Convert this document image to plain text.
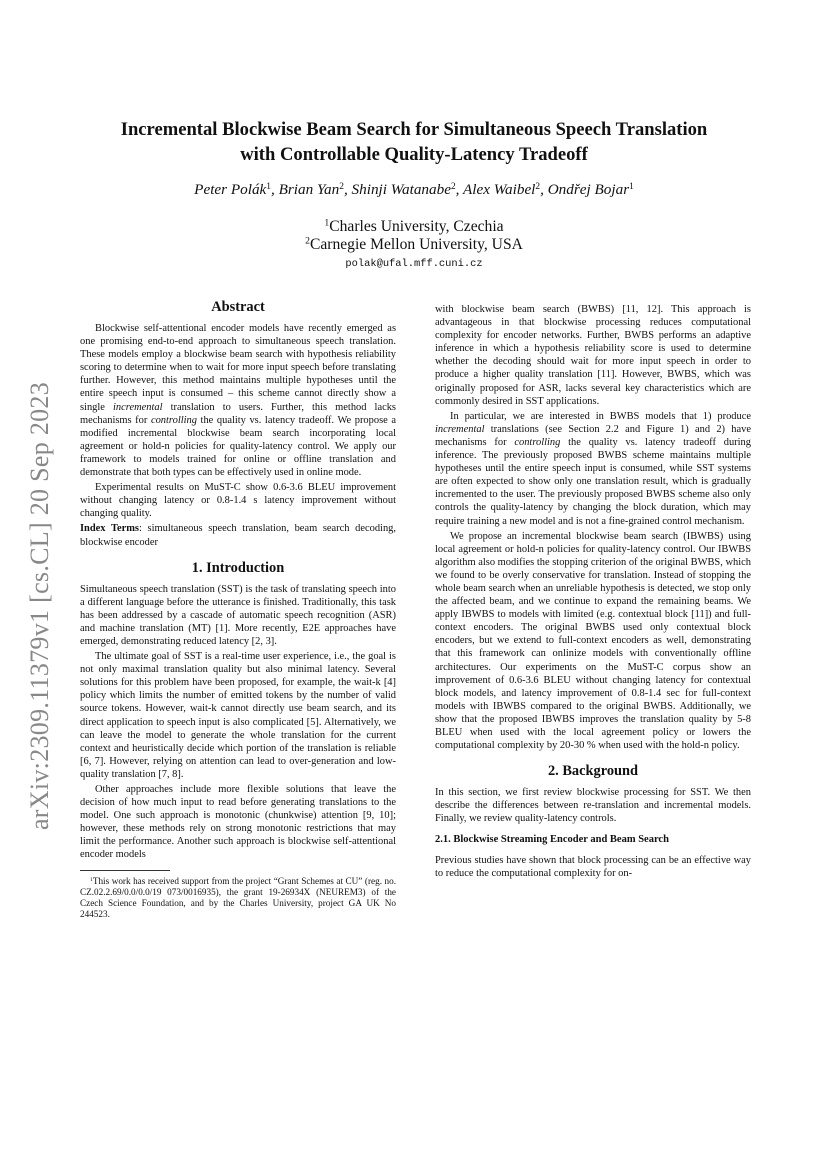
arXiv:2309.11379v1 [cs.CL] 20 Sep 2023
Incremental Blockwise Beam Search for Simultaneous Speech Translation
with Controllable Quality-Latency Tradeoff
Peter Polák$^1$, Brian Yan$^2$, Shinji Watanabe$^2$, Alex Waibel$^2$, Ondřej Bojar$^1$
$^1$Charles University, Czechia
$^2$Carnegie Mellon University, USA
polak@ufal.mff.cuni.cz
Abstract

Blockwise self-attentional encoder models have recently emerged as one promising end-to-end approach to simultaneous speech translation. These models employ a blockwise beam search with hypothesis reliability scoring to determine when to wait for more input speech before translating further. However, this method maintains multiple hypotheses until the entire speech input is consumed – this scheme cannot directly show a single incremental translation to users. Further, this method lacks mechanisms for controlling the quality vs. latency tradeoff. We propose a modified incremental blockwise beam search incorporating local agreement or hold-n policies for quality-latency control. We apply our framework to models trained for online or offline translation and demonstrate that both types can be effectively used in online mode.

Experimental results on MuST-C show 0.6-3.6 BLEU improvement without changing latency or 0.8-1.4 s latency improvement without changing quality.

Index Terms: simultaneous speech translation, beam search decoding, blockwise encoder

1. Introduction

Simultaneous speech translation (SST) is the task of translating speech into a different language before the utterance is finished. Traditionally, this task has been addressed by a cascade of automatic speech recognition (ASR) and machine translation (MT) [1]. More recently, E2E approaches have emerged, demonstrating reduced latency [2, 3].

The ultimate goal of SST is a real-time user experience, i.e., the goal is not only maximal translation quality but also minimal latency. Several solutions for this problem have been proposed, for example, the wait-k [4] policy which limits the number of emitted tokens by the number of valid source tokens. However, wait-k cannot directly use beam search, and its direct application to speech input is also complicated [5]. Alternatively, we can leave the model to generate the whole translation for the current context and heuristically decide which portion of the translation is reliable [6, 7]. However, relying on attention can lead to over-generation and low-quality translation [7, 8].

Other approaches include more flexible solutions that leave the decision of how much input to read before generating translations to the model. One such approach is monotonic (chunkwise) attention [9, 10]; however, these methods rely on strong monotonic restrictions that may limit the performance. Another such approach is blockwise self-attentional encoder models

$^1$This work has received support from the project “Grant Schemes at CU” (reg. no. CZ.02.2.69/0.0/0.0/19 073/0016935), the grant 19-26934X (NEUREM3) of the Czech Science Foundation, and by the Charles University, project GA UK No 244523.

with blockwise beam search (BWBS) [11, 12]. This approach is advantageous in that blockwise processing reduces computational complexity for encoder networks. Further, BWBS performs an adaptive inference in which a hypothesis reliability score is used to determine whether the decoding should wait for more input speech in order to produce a higher quality translation [11]. However, BWBS, which was originally proposed for ASR, lacks several key characteristics which are commonly desired in SST applications.

In particular, we are interested in BWBS models that 1) produce incremental translations (see Section 2.2 and Figure 1) and 2) have mechanisms for controlling the quality vs. latency tradeoff during inference. The previously proposed BWBS scheme maintains multiple hypotheses until the entire speech input is consumed, while SST systems are often expected to show only one translation result, which is gradually incremented to the user. The previously proposed BWBS scheme also only controls the quality-latency by changing the block duration, which may require training a new model and is not a fine-grained control mechanism.

We propose an incremental blockwise beam search (IBWBS) using local agreement or hold-n policies for quality-latency control. Our IBWBS algorithm also modifies the stopping criterion of the original BWBS, which we found to be overly conservative for translation. Instead of stopping the whole beam search when an unreliable hypothesis is detected, we stop only the affected beam, and we continue to expand the remaining beams. We apply IBWBS to models with limited (e.g. contextual block [11]) and full-context encoders. The original BWBS used only contextual block encoders, but we extend to full-context encoders as well, demonstrating that this framework can onlinize models with conventionally offline architectures. Our experiments on the MuST-C corpus show an improvement of 0.6-3.6 BLEU without changing latency for contextual block models, and latency improvement of 0.8-1.4 sec for full-context models with IBWBS compared to the original BWBS. Additionally, we show that the proposed IBWBS improves the translation quality by 5-8 BLEU when used with the local agreement policy or lowers the computational complexity by 20-30 % when used with the hold-n policy.

2. Background

In this section, we first review blockwise processing for SST. We then describe the differences between re-translation and incremental models. Finally, we review quality-latency controls.

2.1. Blockwise Streaming Encoder and Beam Search

Previous studies have shown that block processing can be an effective way to reduce the computational complexity for on-
